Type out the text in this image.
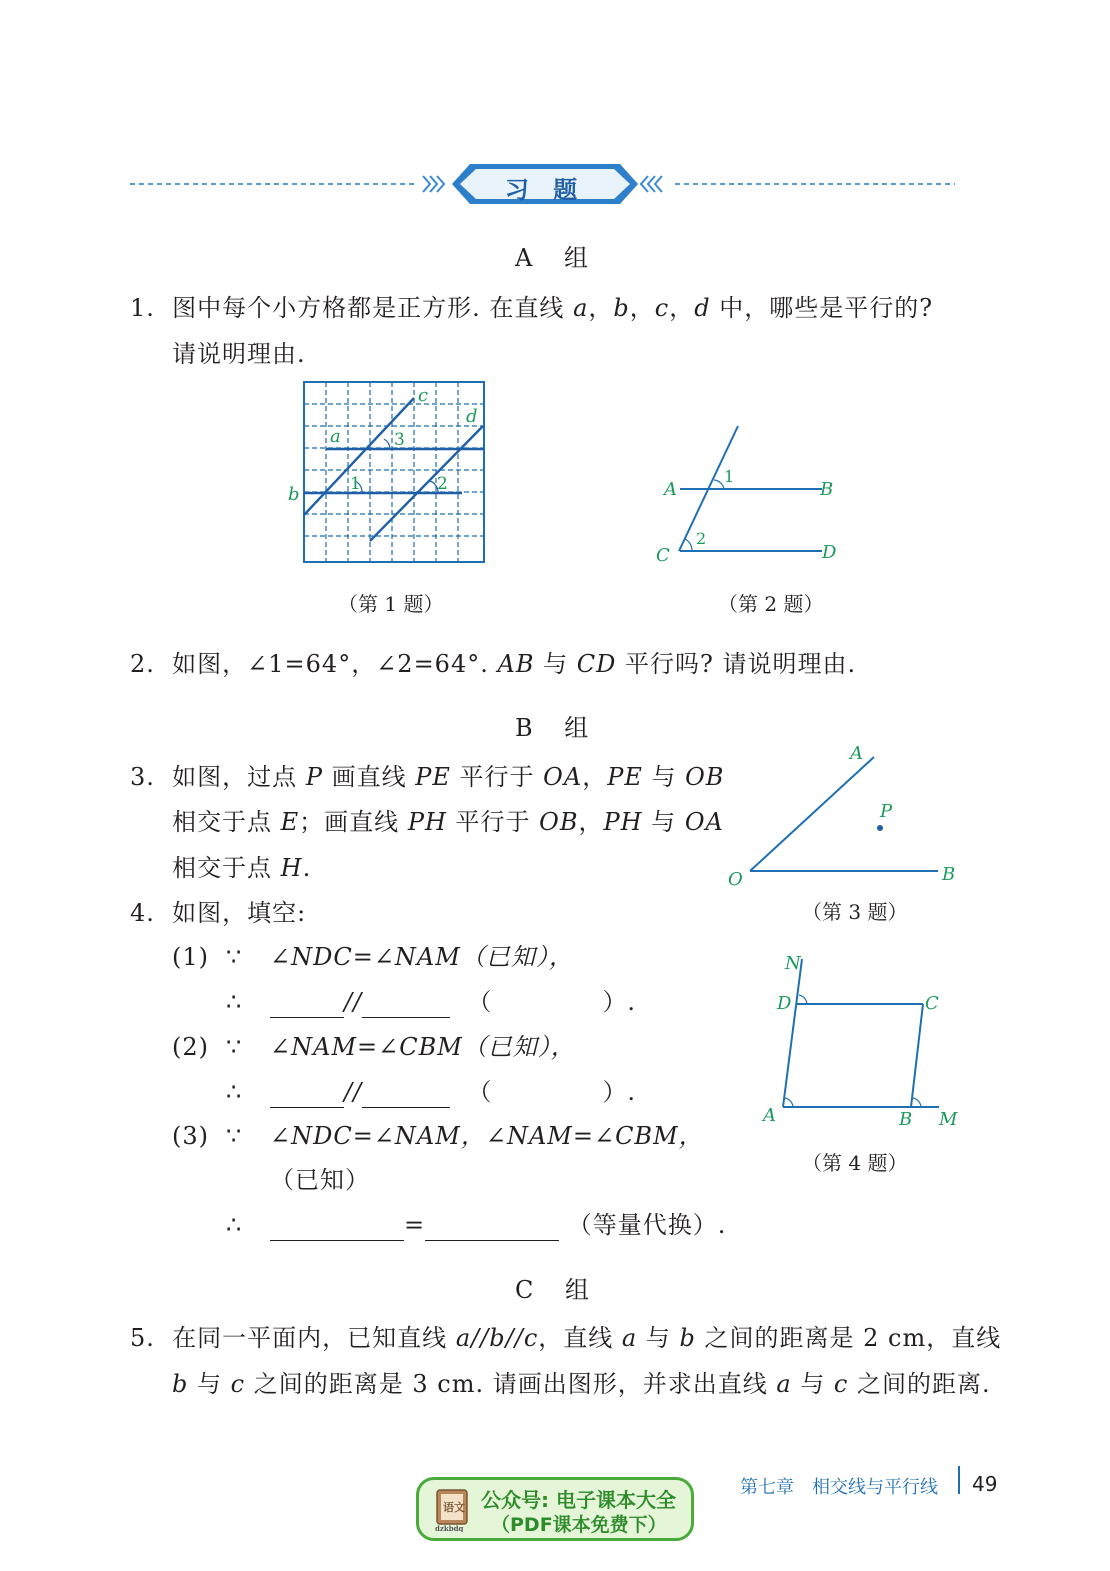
习 题
A 组
1. 图中每个小方格都是正方形. 在直线 a，b，c，d 中，哪些是平行的?
请说明理由.
a
b
c
d
1	2
3
（第 1 题）
A	B
C	D
1
2
（第 2 题）
2. 如图，∠1=64°，∠2=64°. AB 与 CD 平行吗? 请说明理由.
B 组
3. 如图，过点 P 画直线 PE 平行于 OA，PE 与 OB
相交于点 E；画直线 PH 平行于 OB，PH 与 OA
相交于点 H.
A
P
O	B
（第 3 题）
4. 如图，填空:
(1) ∵ ∠NDC=∠NAM（已知），
∴	//	（	）.
(2) ∵ ∠NAM=∠CBM（已知），
∴	//	（	）.
(3) ∵ ∠NDC=∠NAM，∠NAM=∠CBM，
（已知）
∴	=	（等量代换）.
N
D	C
A	B M
（第 4 题）
C 组
5. 在同一平面内，已知直线 a//b//c，直线 a 与 b 之间的距离是 2 cm，直线
b 与 c 之间的距离是 3 cm. 请画出图形，并求出直线 a 与 c 之间的距离.
语文
dzkbdq
公众号: 电子课本大全
（PDF课本免费下）
第七章　相交线与平行线 49
